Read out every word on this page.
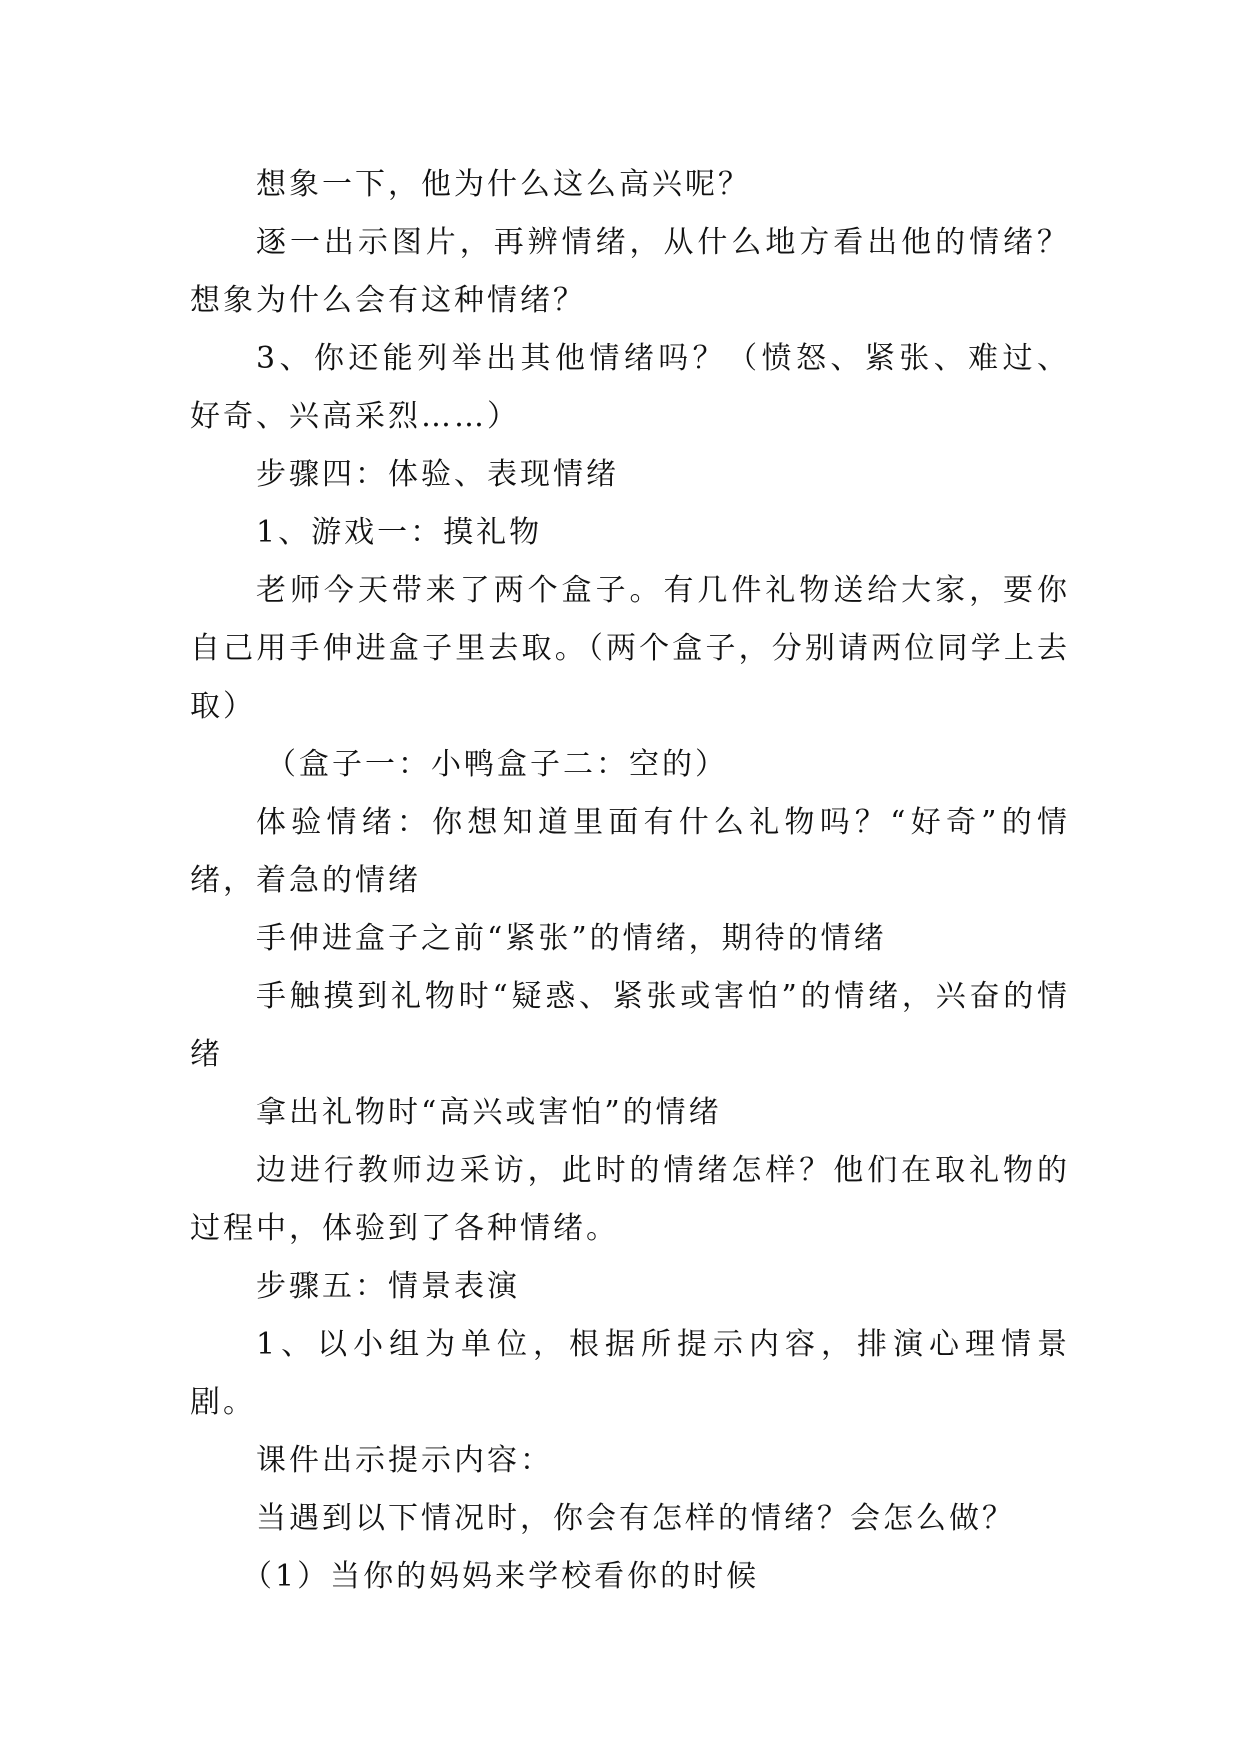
想象一下，他为什么这么高兴呢？

逐一出示图片，再辨情绪，从什么地方看出他的情绪？想象为什么会有这种情绪？

3、你还能列举出其他情绪吗？（愤怒、紧张、难过、好奇、兴高采烈……）

步骤四：体验、表现情绪

1、游戏一：摸礼物

老师今天带来了两个盒子。有几件礼物送给大家，要你自己用手伸进盒子里去取。（两个盒子，分别请两位同学上去取）

（盒子一：小鸭盒子二：空的）

体验情绪：你想知道里面有什么礼物吗？“好奇”的情绪，着急的情绪

手伸进盒子之前“紧张”的情绪，期待的情绪

手触摸到礼物时“疑惑、紧张或害怕”的情绪，兴奋的情绪

拿出礼物时“高兴或害怕”的情绪

边进行教师边采访，此时的情绪怎样？他们在取礼物的过程中，体验到了各种情绪。

步骤五：情景表演

1、以小组为单位，根据所提示内容，排演心理情景剧。

课件出示提示内容：

当遇到以下情况时，你会有怎样的情绪？会怎么做？

（1）当你的妈妈来学校看你的时候
